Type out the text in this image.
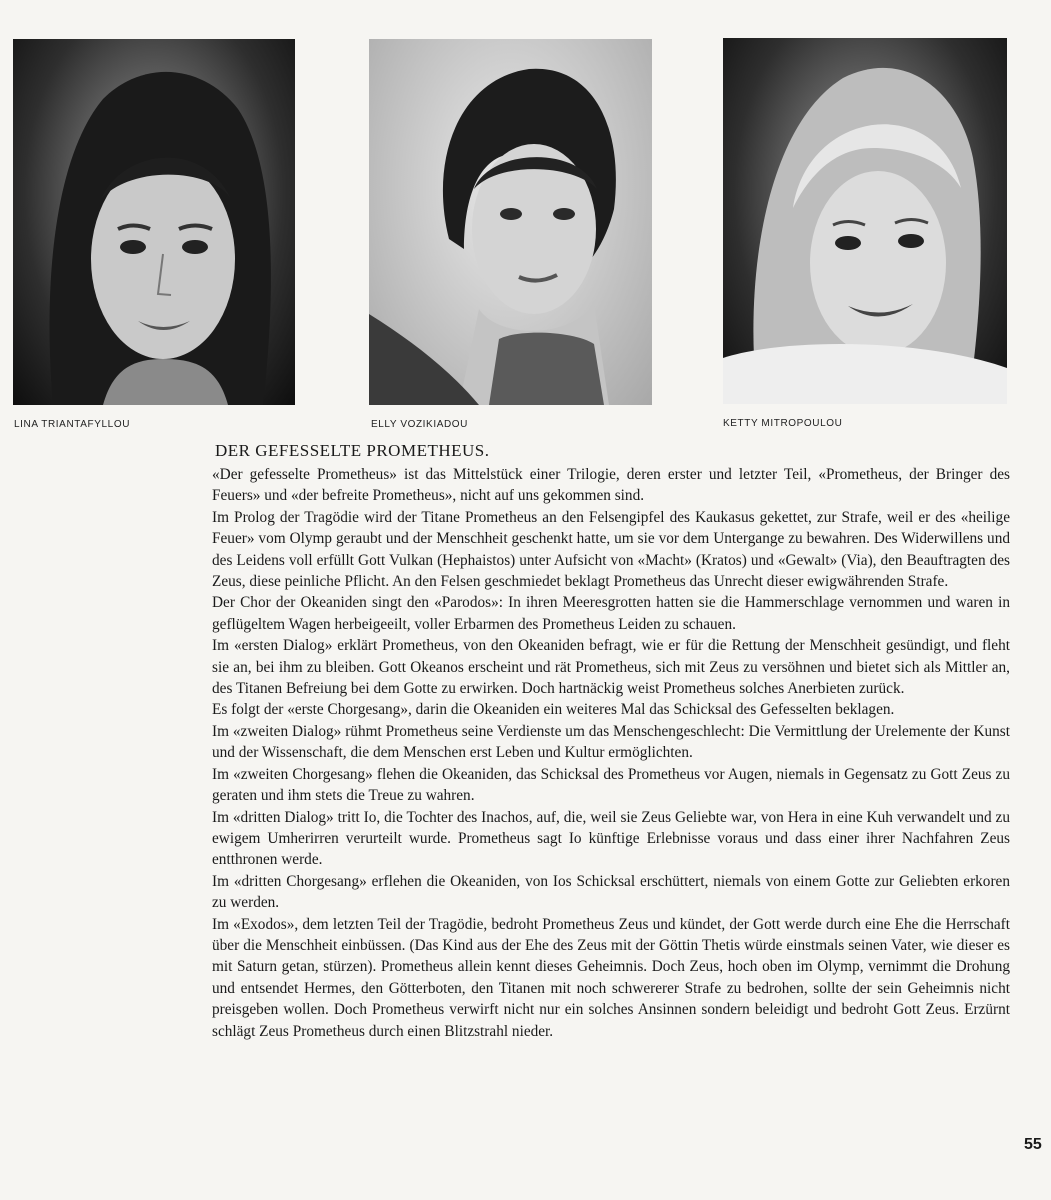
LINA TRIANTAFYLLOU	ELLY VOZIKIADOU	KETTY MITROPOULOU
DER GEFESSELTE PROMETHEUS.

«Der gefesselte Prometheus» ist das Mittelstück einer Trilogie, deren erster und letzter Teil, «Prometheus, der Bringer des Feuers» und «der befreite Prometheus», nicht auf uns gekommen sind.

Im Prolog der Tragödie wird der Titane Prometheus an den Felsengipfel des Kaukasus gekettet, zur Strafe, weil er des «heilige Feuer» vom Olymp geraubt und der Menschheit geschenkt hatte, um sie vor dem Untergange zu bewahren. Des Widerwillens und des Leidens voll erfüllt Gott Vulkan (Hephaistos) unter Aufsicht von «Macht» (Kratos) und «Gewalt» (Via), den Beauftragten des Zeus, diese peinliche Pflicht. An den Felsen geschmiedet beklagt Prometheus das Unrecht dieser ewigwährenden Strafe.

Der Chor der Okeaniden singt den «Parodos»: In ihren Meeresgrotten hatten sie die Hammerschlage vernommen und waren in geflügeltem Wagen herbeigeeilt, voller Erbarmen des Prometheus Leiden zu schauen.

Im «ersten Dialog» erklärt Prometheus, von den Okeaniden befragt, wie er für die Rettung der Menschheit gesündigt, und fleht sie an, bei ihm zu bleiben. Gott Okeanos erscheint und rät Prometheus, sich mit Zeus zu versöhnen und bietet sich als Mittler an, des Titanen Befreiung bei dem Gotte zu erwirken. Doch hartnäckig weist Prometheus solches Anerbieten zurück.

Es folgt der «erste Chorgesang», darin die Okeaniden ein weiteres Mal das Schicksal des Gefesselten beklagen.

Im «zweiten Dialog» rühmt Prometheus seine Verdienste um das Menschengeschlecht: Die Vermittlung der Urelemente der Kunst und der Wissenschaft, die dem Menschen erst Leben und Kultur ermöglichten.

Im «zweiten Chorgesang» flehen die Okeaniden, das Schicksal des Prometheus vor Augen, niemals in Gegensatz zu Gott Zeus zu geraten und ihm stets die Treue zu wahren.

Im «dritten Dialog» tritt Io, die Tochter des Inachos, auf, die, weil sie Zeus Geliebte war, von Hera in eine Kuh verwandelt und zu ewigem Umherirren verurteilt wurde. Prometheus sagt Io künftige Erlebnisse voraus und dass einer ihrer Nachfahren Zeus entthronen werde.

Im «dritten Chorgesang» erflehen die Okeaniden, von Ios Schicksal erschüttert, niemals von einem Gotte zur Geliebten erkoren zu werden.

Im «Exodos», dem letzten Teil der Tragödie, bedroht Prometheus Zeus und kündet, der Gott werde durch eine Ehe die Herrschaft über die Menschheit einbüssen. (Das Kind aus der Ehe des Zeus mit der Göttin Thetis würde einstmals seinen Vater, wie dieser es mit Saturn getan, stürzen). Prometheus allein kennt dieses Geheimnis. Doch Zeus, hoch oben im Olymp, vernimmt die Drohung und entsendet Hermes, den Götterboten, den Titanen mit noch schwererer Strafe zu bedrohen, sollte der sein Geheimnis nicht preisgeben wollen. Doch Prometheus verwirft nicht nur ein solches Ansinnen sondern beleidigt und bedroht Gott Zeus. Erzürnt schlägt Zeus Prometheus durch einen Blitzstrahl nieder.

55
